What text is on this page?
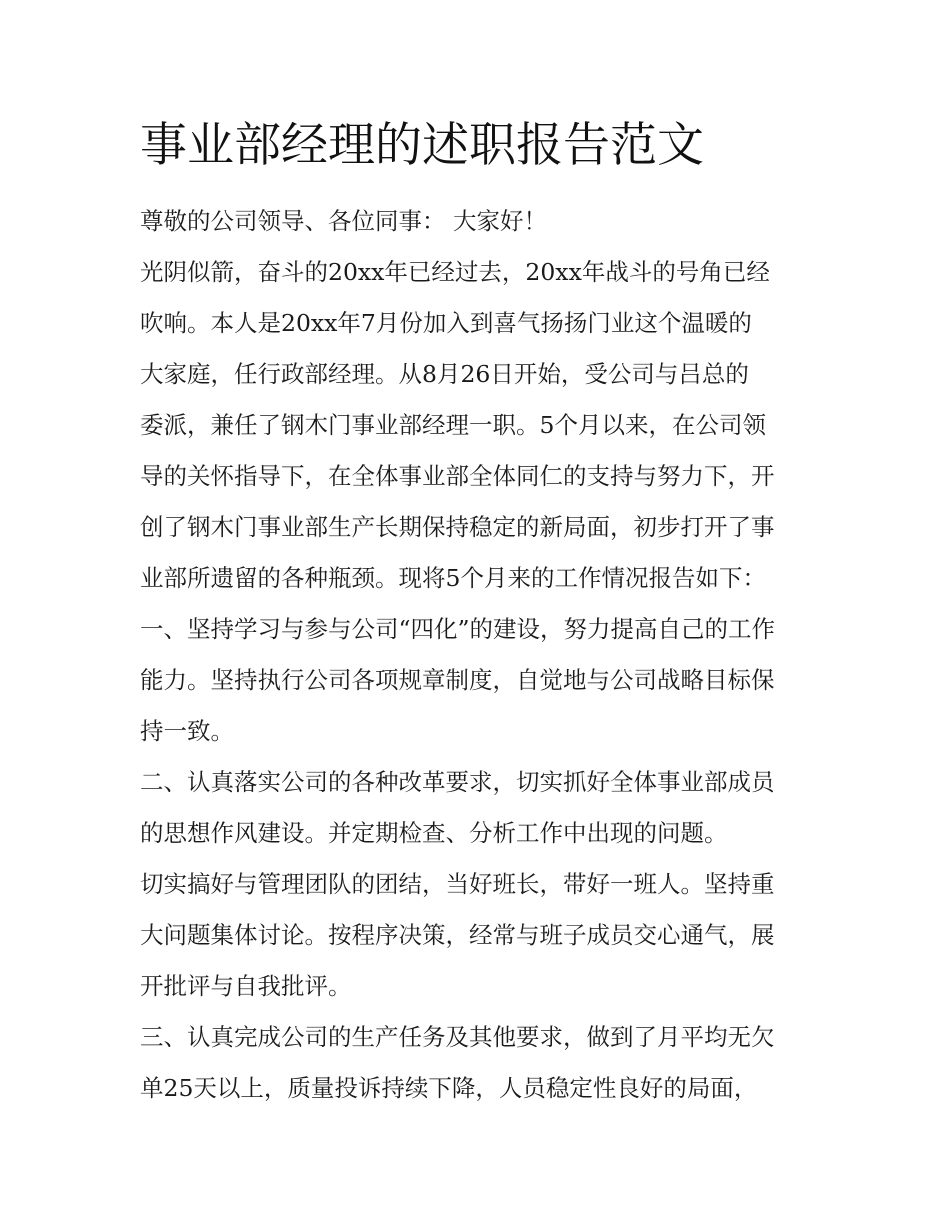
事业部经理的述职报告范文
尊敬的公司领导、各位同事： 大家好！
光阴似箭，奋斗的20xx年已经过去，20xx年战斗的号角已经
吹响。本人是20xx年7月份加入到喜气扬扬门业这个温暖的
大家庭，任行政部经理。从8月26日开始，受公司与吕总的
委派，兼任了钢木门事业部经理一职。5个月以来，在公司领
导的关怀指导下，在全体事业部全体同仁的支持与努力下，开
创了钢木门事业部生产长期保持稳定的新局面，初步打开了事
业部所遗留的各种瓶颈。现将5个月来的工作情况报告如下：
一、坚持学习与参与公司“四化”的建设，努力提高自己的工作
能力。坚持执行公司各项规章制度，自觉地与公司战略目标保
持一致。
二、认真落实公司的各种改革要求，切实抓好全体事业部成员
的思想作风建设。并定期检查、分析工作中出现的问题。
切实搞好与管理团队的团结，当好班长，带好一班人。坚持重
大问题集体讨论。按程序决策，经常与班子成员交心通气，展
开批评与自我批评。
三、认真完成公司的生产任务及其他要求，做到了月平均无欠
单25天以上，质量投诉持续下降，人员稳定性良好的局面，
